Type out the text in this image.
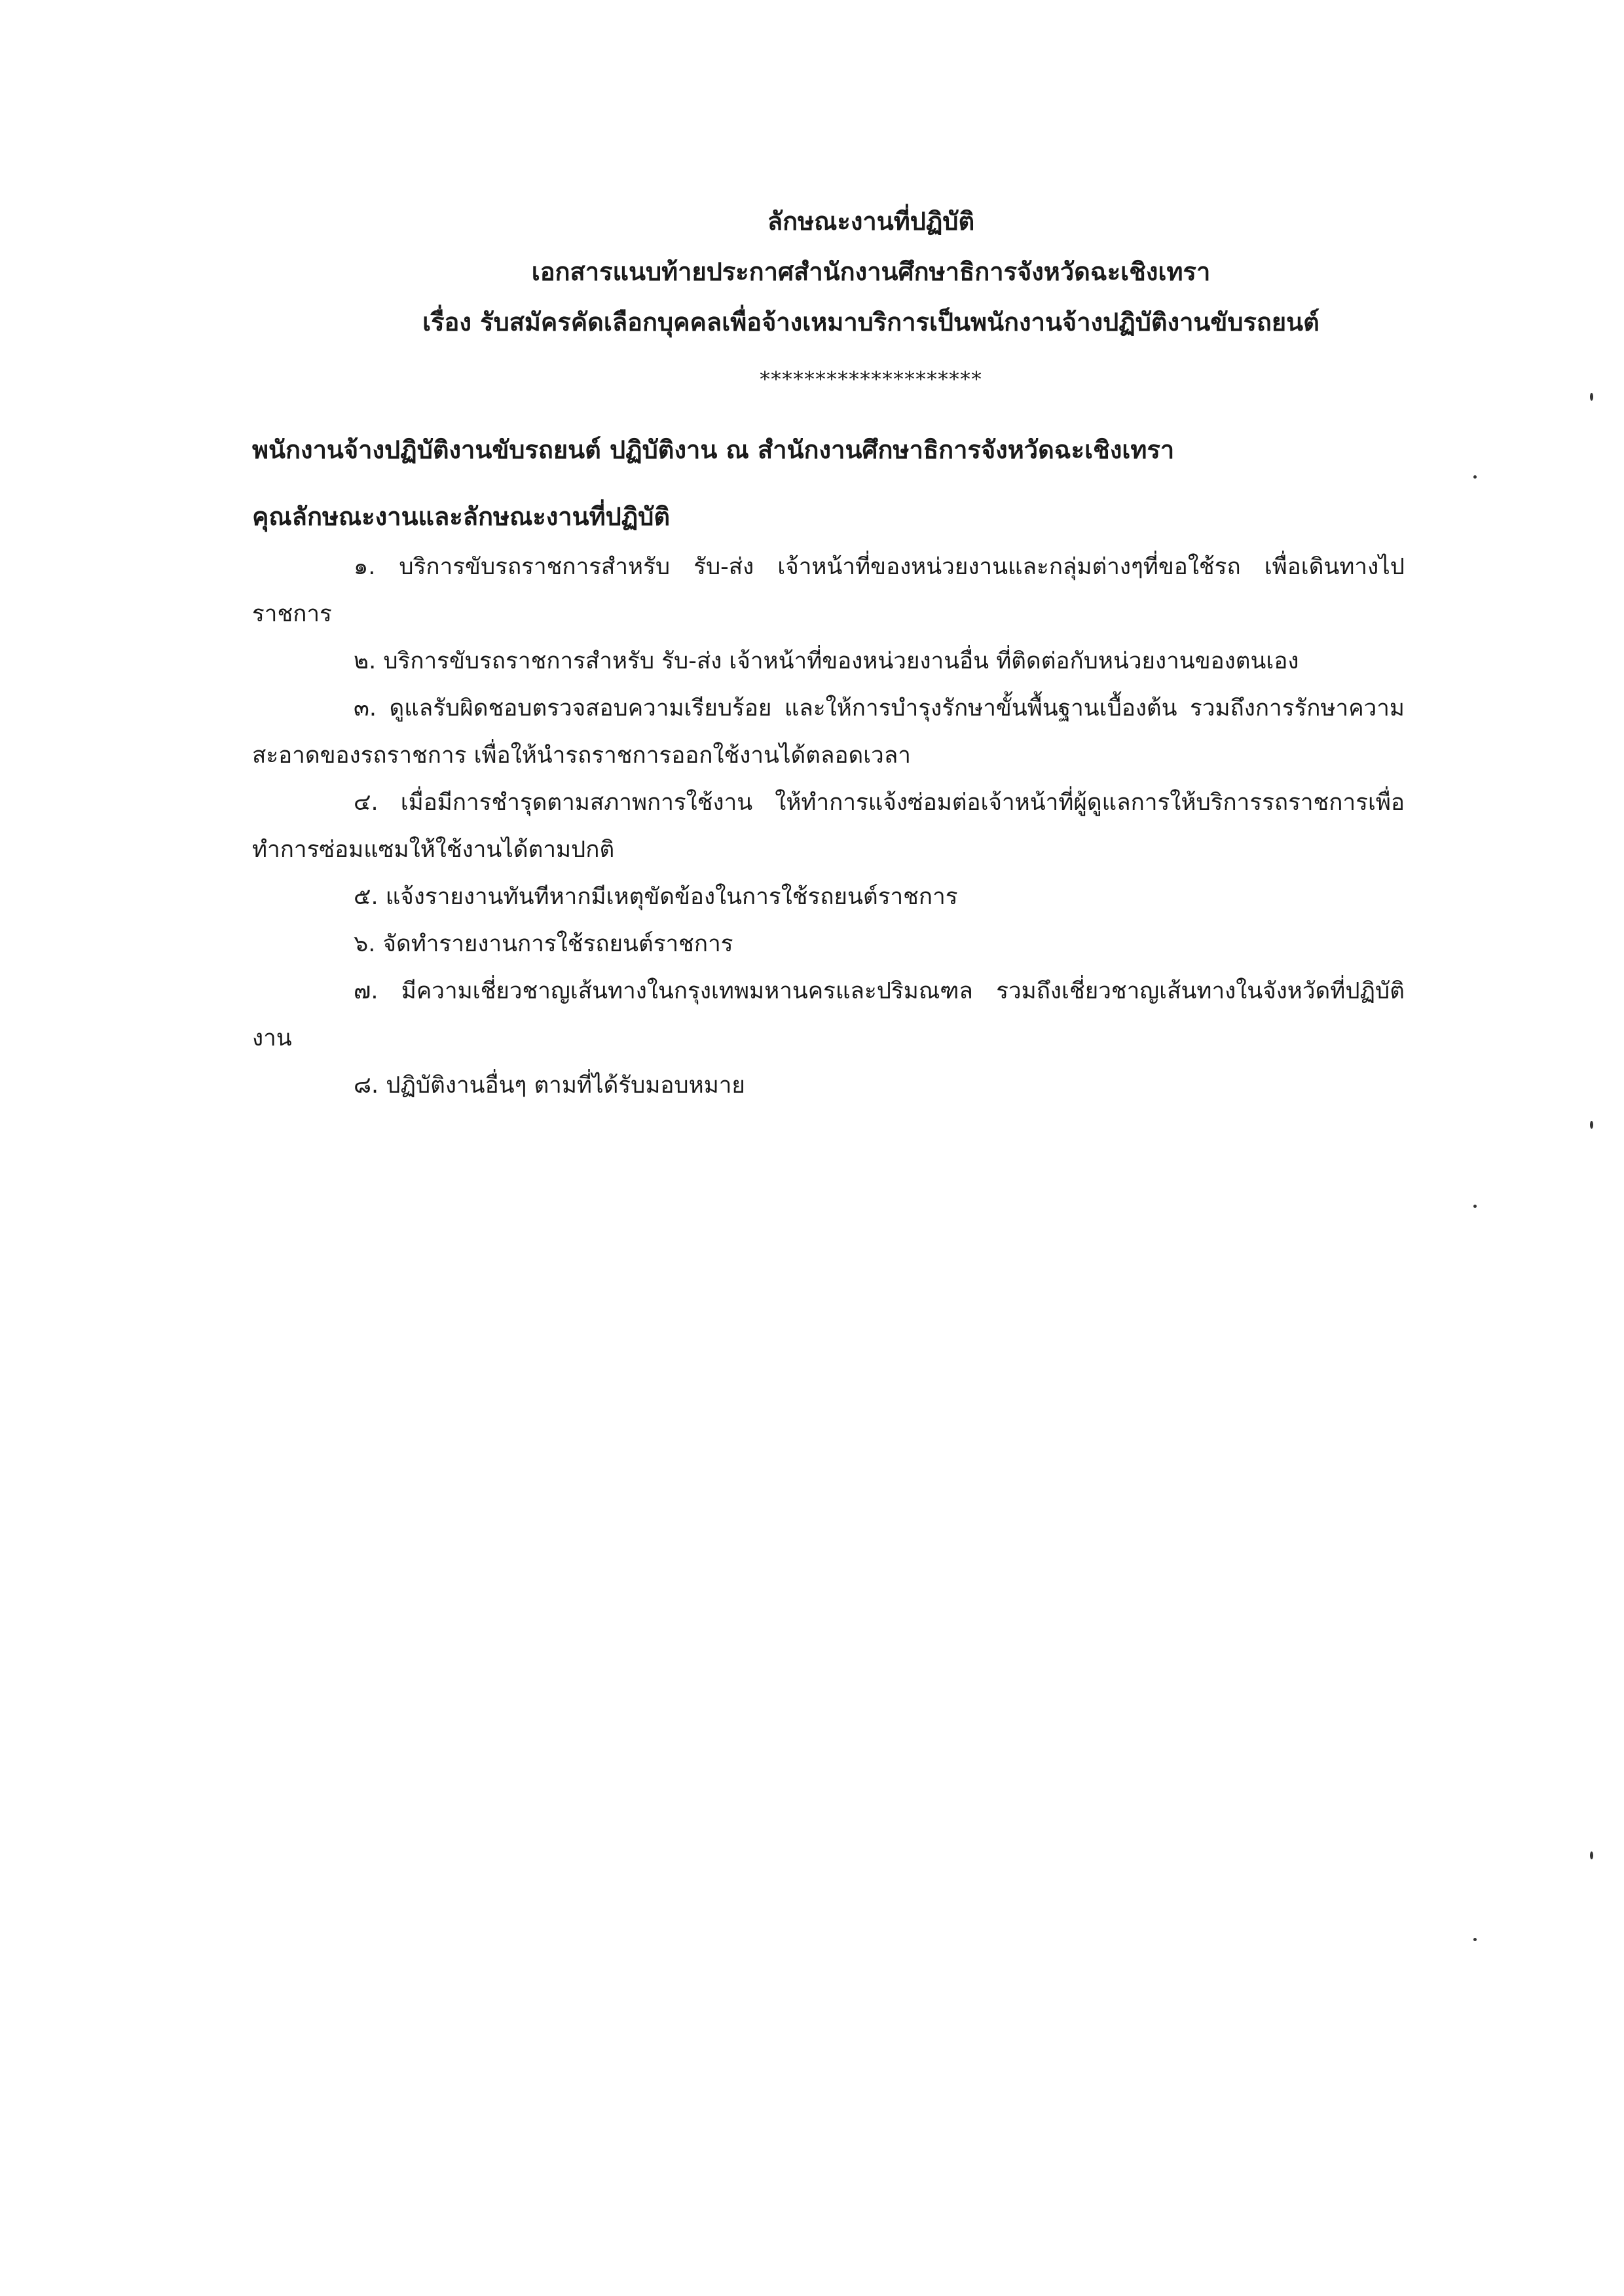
ลักษณะงานที่ปฏิบัติ
เอกสารแนบท้ายประกาศสำนักงานศึกษาธิการจังหวัดฉะเชิงเทรา
เรื่อง รับสมัครคัดเลือกบุคคลเพื่อจ้างเหมาบริการเป็นพนักงานจ้างปฏิบัติงานขับรถยนต์
********************
พนักงานจ้างปฏิบัติงานขับรถยนต์ ปฏิบัติงาน ณ สำนักงานศึกษาธิการจังหวัดฉะเชิงเทรา
คุณลักษณะงานและลักษณะงานที่ปฏิบัติ
๑. บริการขับรถราชการสำหรับ รับ-ส่ง เจ้าหน้าที่ของหน่วยงานและกลุ่มต่างๆที่ขอใช้รถ เพื่อเดินทางไปราชการ
๒. บริการขับรถราชการสำหรับ รับ-ส่ง เจ้าหน้าที่ของหน่วยงานอื่น ที่ติดต่อกับหน่วยงานของตนเอง
๓. ดูแลรับผิดชอบตรวจสอบความเรียบร้อย และให้การบำรุงรักษาขั้นพื้นฐานเบื้องต้น รวมถึงการรักษาความสะอาดของรถราชการ เพื่อให้นำรถราชการออกใช้งานได้ตลอดเวลา
๔. เมื่อมีการชำรุดตามสภาพการใช้งาน ให้ทำการแจ้งซ่อมต่อเจ้าหน้าที่ผู้ดูแลการให้บริการรถราชการเพื่อทำการซ่อมแซมให้ใช้งานได้ตามปกติ
๕. แจ้งรายงานทันทีหากมีเหตุขัดข้องในการใช้รถยนต์ราชการ
๖. จัดทำรายงานการใช้รถยนต์ราชการ
๗. มีความเชี่ยวชาญเส้นทางในกรุงเทพมหานครและปริมณฑล รวมถึงเชี่ยวชาญเส้นทางในจังหวัดที่ปฏิบัติงาน
๘. ปฏิบัติงานอื่นๆ ตามที่ได้รับมอบหมาย
